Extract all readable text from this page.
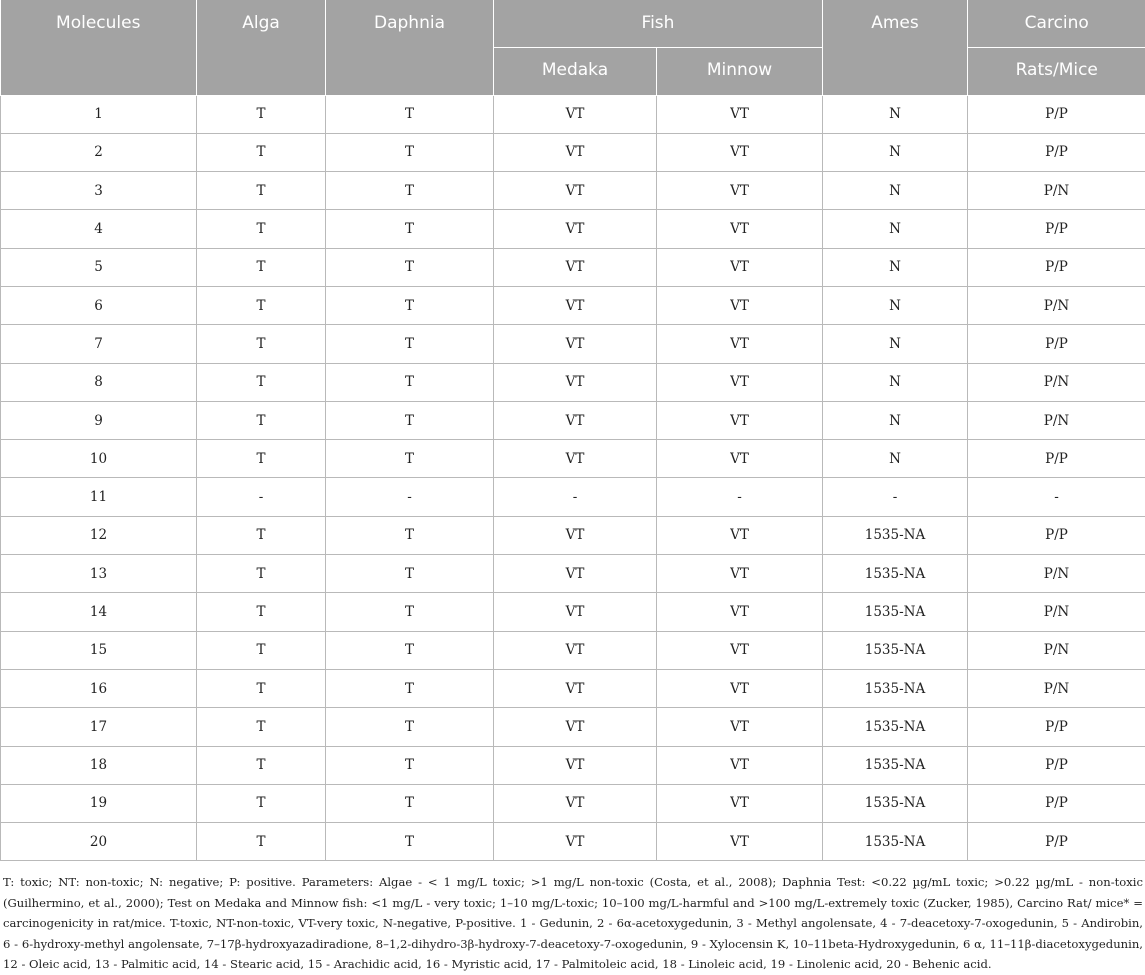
Molecules	Alga	Daphnia	Fish		Ames	Carcino
			Medaka	Minnow		Rats/Mice
1	T	T	VT	VT	N	P/P
2	T	T	VT	VT	N	P/P
3	T	T	VT	VT	N	P/N
4	T	T	VT	VT	N	P/P
5	T	T	VT	VT	N	P/P
6	T	T	VT	VT	N	P/N
7	T	T	VT	VT	N	P/P
8	T	T	VT	VT	N	P/N
9	T	T	VT	VT	N	P/N
10	T	T	VT	VT	N	P/P
11	-	-	-	-	-	-
12	T	T	VT	VT	1535-NA	P/P
13	T	T	VT	VT	1535-NA	P/N
14	T	T	VT	VT	1535-NA	P/N
15	T	T	VT	VT	1535-NA	P/N
16	T	T	VT	VT	1535-NA	P/N
17	T	T	VT	VT	1535-NA	P/P
18	T	T	VT	VT	1535-NA	P/P
19	T	T	VT	VT	1535-NA	P/P
20	T	T	VT	VT	1535-NA	P/P
T: toxic; NT: non-toxic; N: negative; P: positive. Parameters: Algae - < 1 mg/L toxic; >1 mg/L non-toxic (Costa, et al., 2008); Daphnia Test: <0.22 µg/mL toxic; >0.22 µg/mL - non-toxic (Guilhermino, et al., 2000); Test on Medaka and Minnow fish: <1 mg/L - very toxic; 1–10 mg/L-toxic; 10–100 mg/L-harmful and >100 mg/L-extremely toxic (Zucker, 1985), Carcino Rat/ mice* = carcinogenicity in rat/mice. T-toxic, NT-non-toxic, VT-very toxic, N-negative, P-positive. 1 - Gedunin, 2 - 6α-acetoxygedunin, 3 - Methyl angolensate, 4 - 7-deacetoxy-7-oxogedunin, 5 - Andirobin, 6 - 6-hydroxy-methyl angolensate, 7–17β-hydroxyazadiradione, 8–1,2-dihydro-3β-hydroxy-7-deacetoxy-7-oxogedunin, 9 - Xylocensin K, 10–11beta-Hydroxygedunin, 6 α, 11–11β-diacetoxygedunin, 12 - Oleic acid, 13 - Palmitic acid, 14 - Stearic acid, 15 - Arachidic acid, 16 - Myristic acid, 17 - Palmitoleic acid, 18 - Linoleic acid, 19 - Linolenic acid, 20 - Behenic acid.
